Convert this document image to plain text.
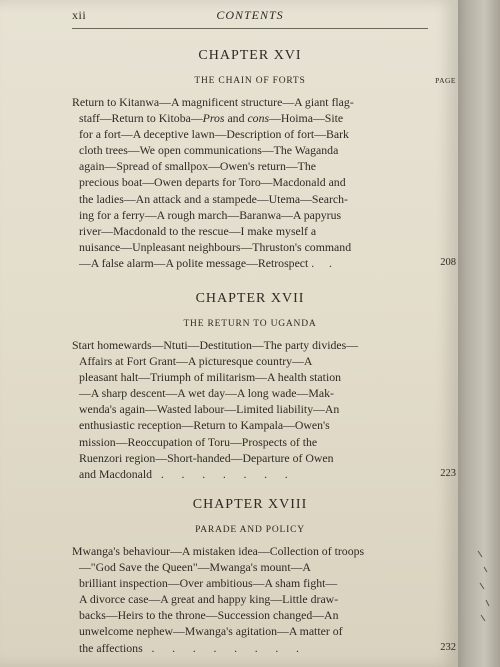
xii	CONTENTS
CHAPTER XVI
THE CHAIN OF FORTS	PAGE
Return to Kitanwa—A magnificent structure—A giant flag-
staff—Return to Kitoba—Pros and cons—Hoima—Site
for a fort—A deceptive lawn—Description of fort—Bark
cloth trees—We open communications—The Waganda
again—Spread of smallpox—Owen's return—The
precious boat—Owen departs for Toro—Macdonald and
the ladies—An attack and a stampede—Utema—Search-
ing for a ferry—A rough march—Baranwa—A papyrus
river—Macdonald to the rescue—I make myself a
nuisance—Unpleasant neighbours—Thruston's command
—A false alarm—A polite message—Retrospect .     .	208
CHAPTER XVII
THE RETURN TO UGANDA
Start homewards—Ntuti—Destitution—The party divides—
Affairs at Fort Grant—A picturesque country—A
pleasant halt—Triumph of militarism—A health station
—A sharp descent—A wet day—A long wade—Mak-
wenda's again—Wasted labour—Limited liability—An
enthusiastic reception—Return to Kampala—Owen's
mission—Reoccupation of Toru—Prospects of the
Ruenzori region—Short-handed—Departure of Owen
and Macdonald   .      .      .      .      .      .      .	223
CHAPTER XVIII
PARADE AND POLICY
Mwanga's behaviour—A mistaken idea—Collection of troops
—"God Save the Queen"—Mwanga's mount—A
brilliant inspection—Over ambitious—A sham fight—
A divorce case—A great and happy king—Little draw-
backs—Heirs to the throne—Succession changed—An
unwelcome nephew—Mwanga's agitation—A matter of
the affections   .      .      .      .      .      .      .      .	232
